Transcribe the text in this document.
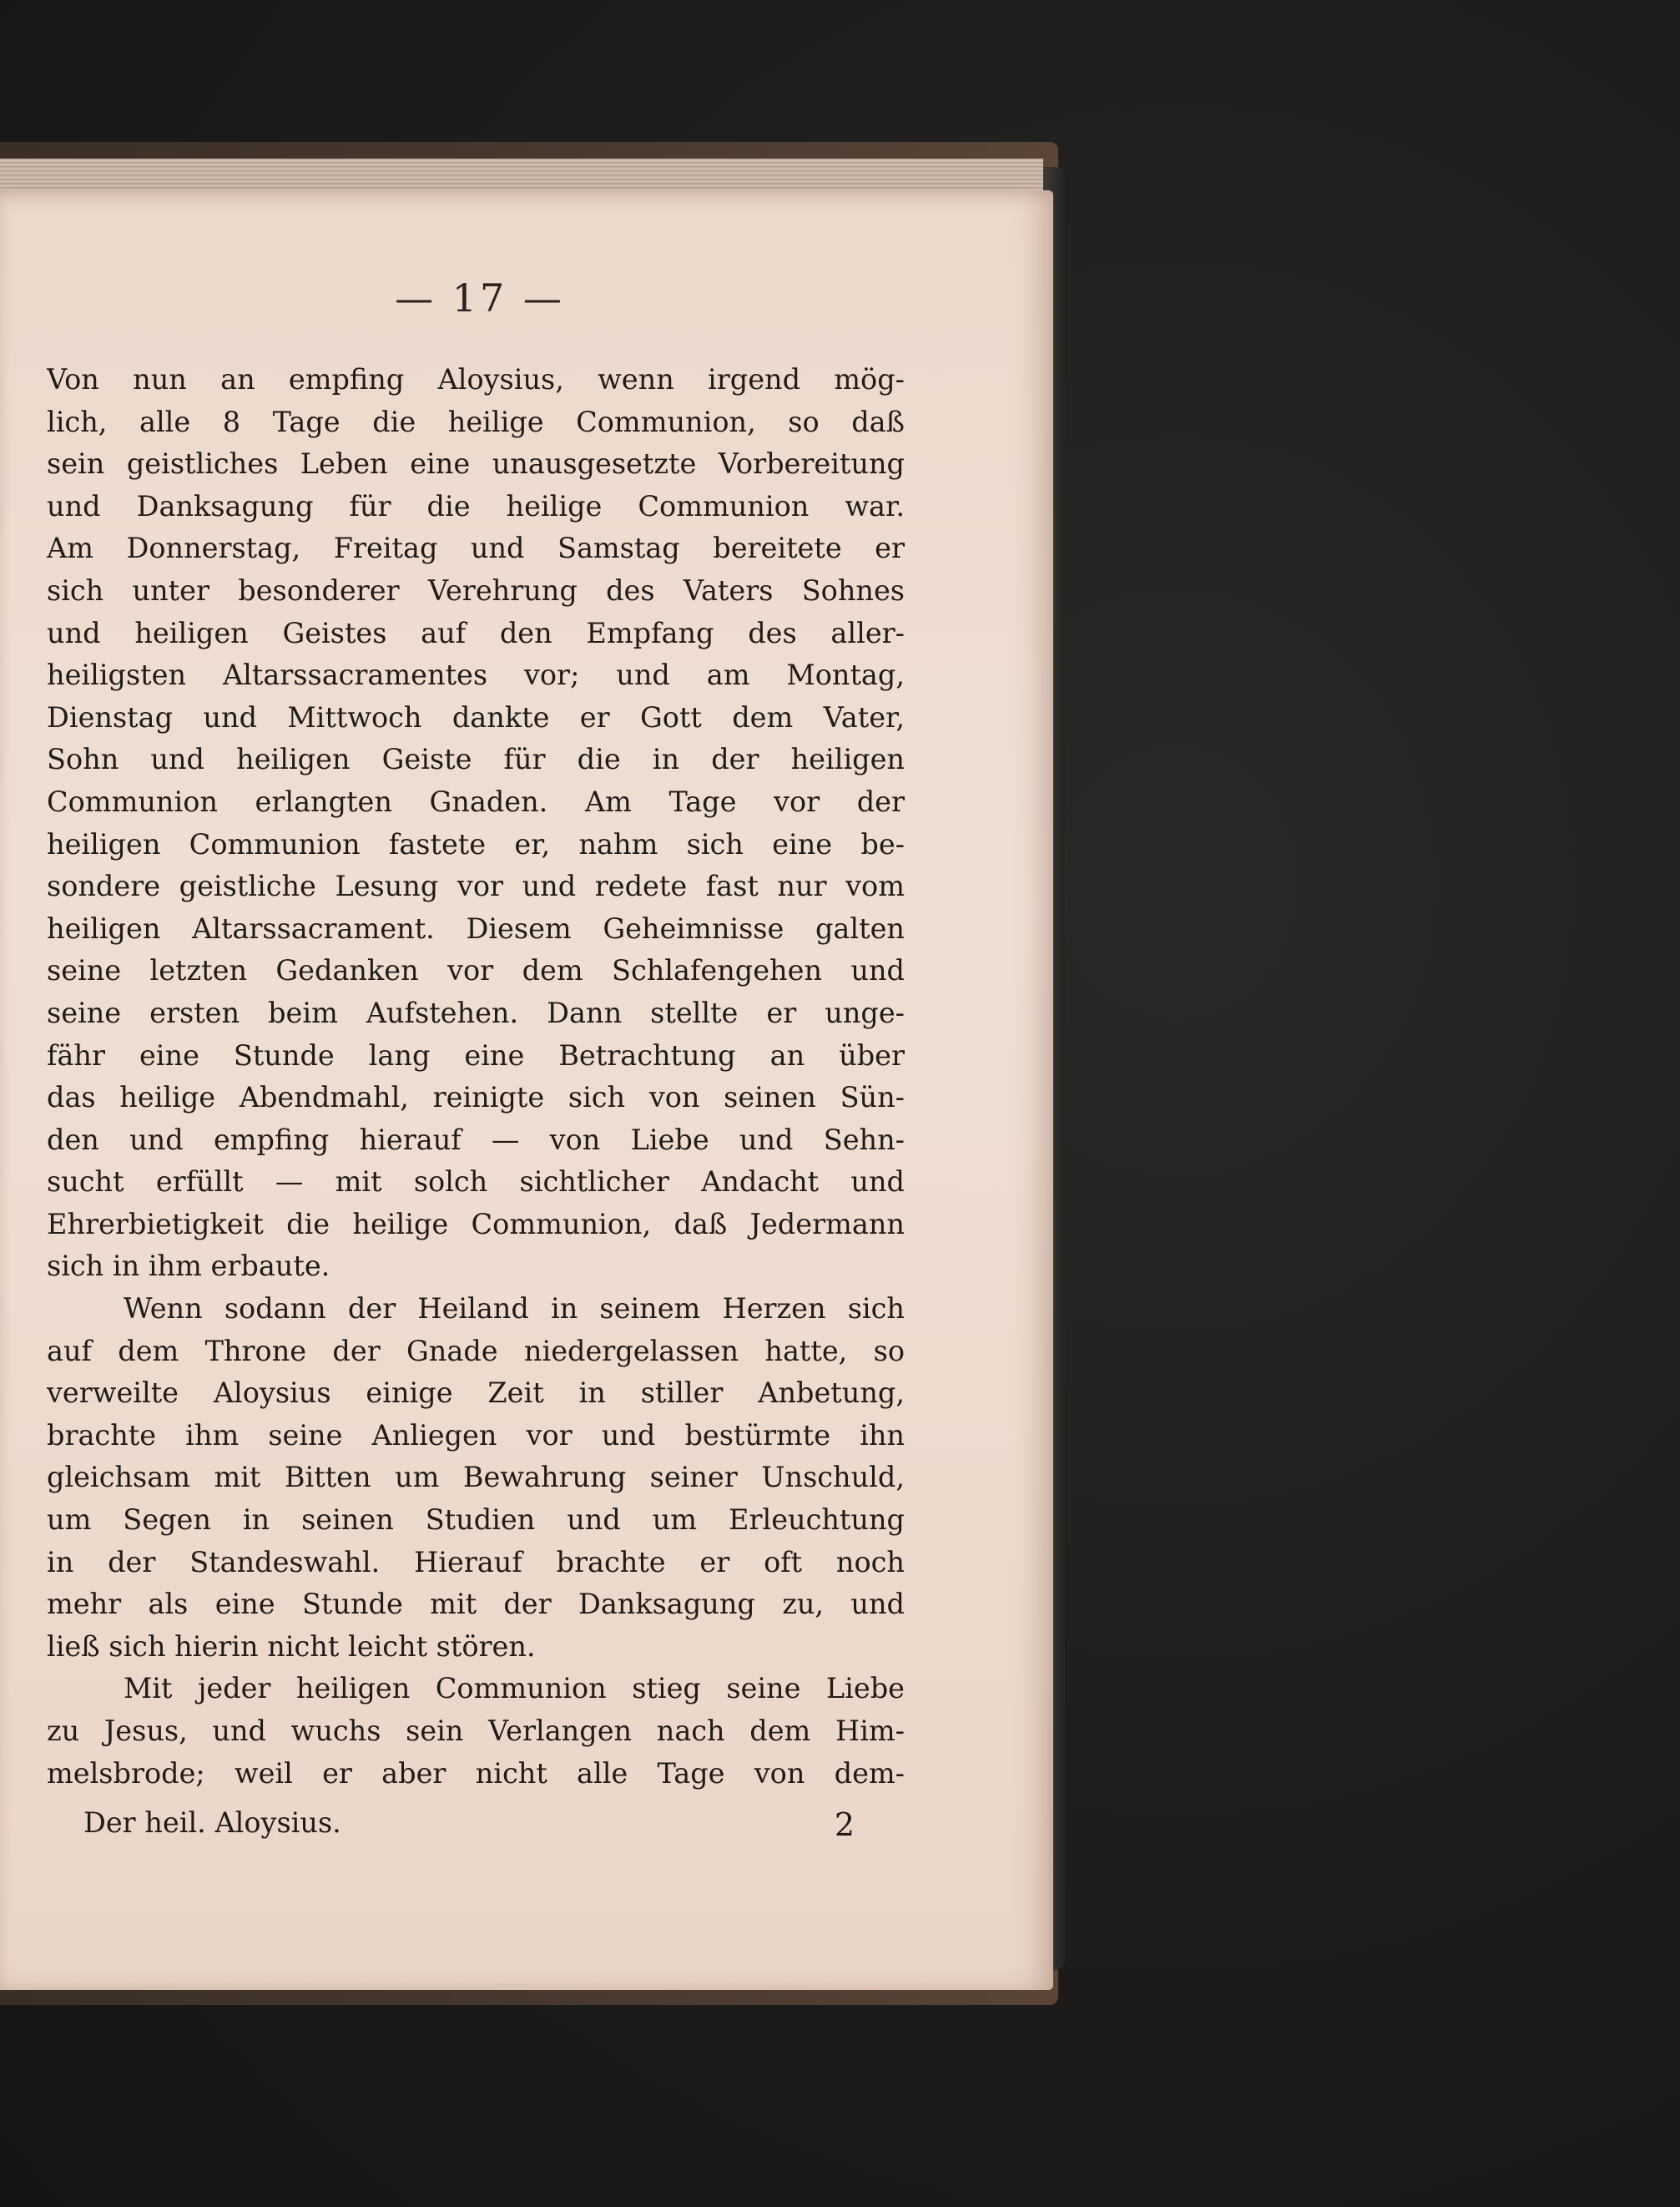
— 17 —
Von nun an empfing Aloysius, wenn irgend mög-
lich, alle 8 Tage die heilige Communion, so daß
sein geistliches Leben eine unausgesetzte Vorbereitung
und Danksagung für die heilige Communion war.
Am Donnerstag, Freitag und Samstag bereitete er
sich unter besonderer Verehrung des Vaters Sohnes
und heiligen Geistes auf den Empfang des aller-
heiligsten Altarssacramentes vor; und am Montag,
Dienstag und Mittwoch dankte er Gott dem Vater,
Sohn und heiligen Geiste für die in der heiligen
Communion erlangten Gnaden. Am Tage vor der
heiligen Communion fastete er, nahm sich eine be-
sondere geistliche Lesung vor und redete fast nur vom
heiligen Altarssacrament. Diesem Geheimnisse galten
seine letzten Gedanken vor dem Schlafengehen und
seine ersten beim Aufstehen. Dann stellte er unge-
fähr eine Stunde lang eine Betrachtung an über
das heilige Abendmahl, reinigte sich von seinen Sün-
den und empfing hierauf — von Liebe und Sehn-
sucht erfüllt — mit solch sichtlicher Andacht und
Ehrerbietigkeit die heilige Communion, daß Jedermann
sich in ihm erbaute.
Wenn sodann der Heiland in seinem Herzen sich
auf dem Throne der Gnade niedergelassen hatte, so
verweilte Aloysius einige Zeit in stiller Anbetung,
brachte ihm seine Anliegen vor und bestürmte ihn
gleichsam mit Bitten um Bewahrung seiner Unschuld,
um Segen in seinen Studien und um Erleuchtung
in der Standeswahl. Hierauf brachte er oft noch
mehr als eine Stunde mit der Danksagung zu, und
ließ sich hierin nicht leicht stören.
Mit jeder heiligen Communion stieg seine Liebe
zu Jesus, und wuchs sein Verlangen nach dem Him-
melsbrode; weil er aber nicht alle Tage von dem-
Der heil. Aloysius.	2
